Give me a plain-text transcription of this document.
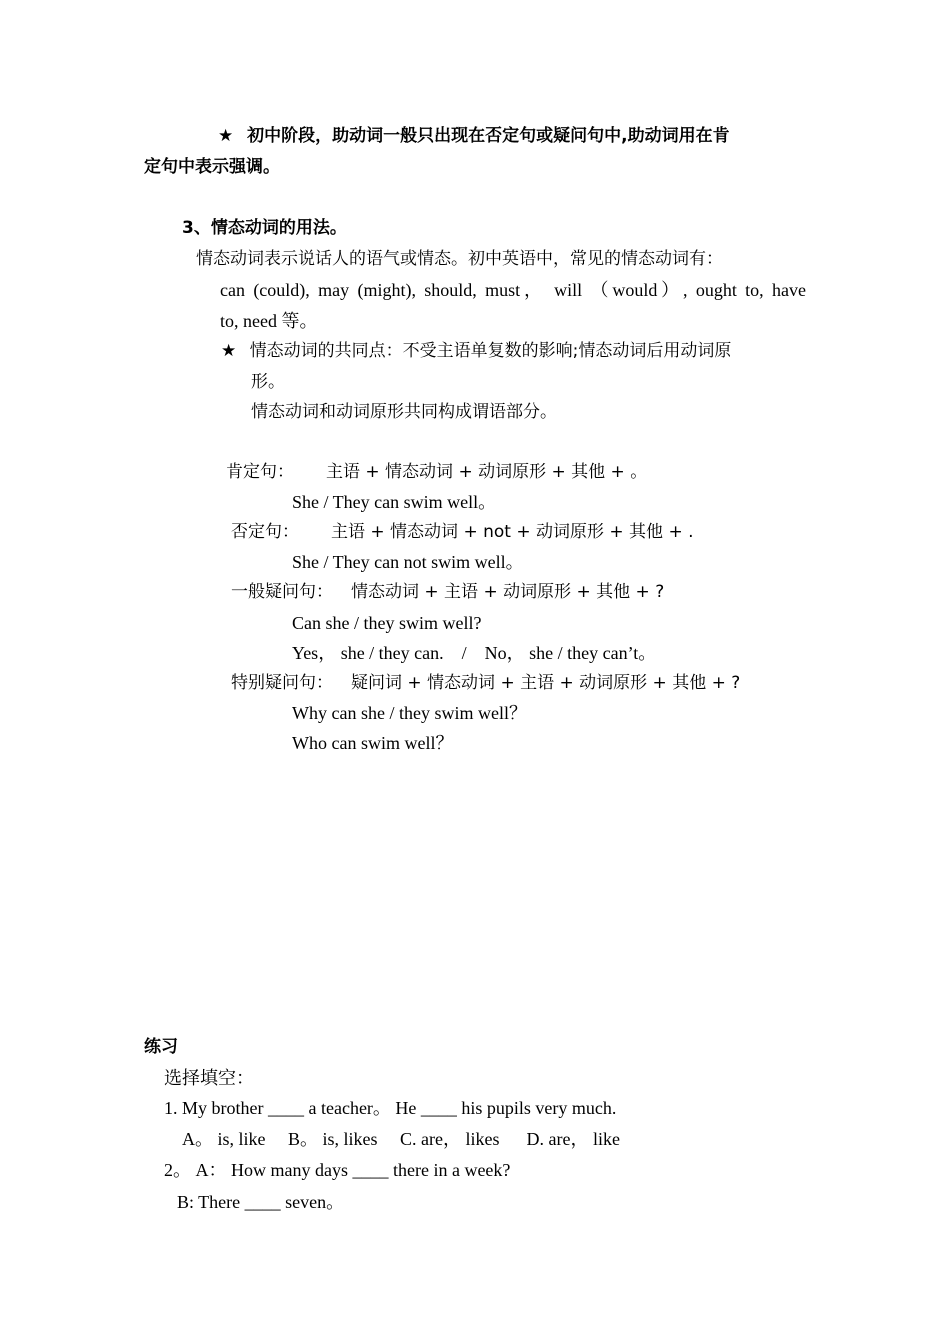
★ 初中阶段，助动词一般只出现在否定句或疑问句中,助动词用在肯
定句中表示强调。
3、情态动词的用法。
情态动词表示说话人的语气或情态。初中英语中，常见的情态动词有：
can (could), may (might), should, must， will （would）, ought to, have
to, need 等。
★ 情态动词的共同点：不受主语单复数的影响;情态动词后用动词原
形。
情态动词和动词原形共同构成谓语部分。
肯定句： 主语 + 情态动词 + 动词原形 + 其他 + 。
She / They can swim well。
否定句： 主语 + 情态动词 + not + 动词原形 + 其他 + .
She / They can not swim well。
一般疑问句： 情态动词 + 主语 + 动词原形 + 其他 + ?
Can she / they swim well?
Yes， she / they can.    /    No， she / they can’t。
特别疑问句： 疑问词 + 情态动词 + 主语 + 动词原形 + 其他 + ?
Why can she / they swim well？
Who can swim well？
练习
选择填空：
1. My brother ____ a teacher。 He ____ his pupils very much.
A。 is, like     B。 is, likes     C. are， likes      D. are， like
2。 A： How many days ____ there in a week?
B: There ____ seven。
